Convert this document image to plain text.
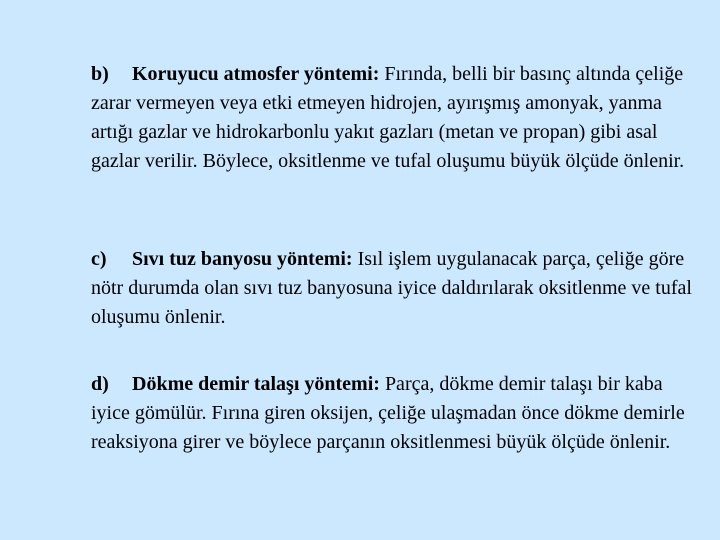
b) Koruyucu atmosfer yöntemi: Fırında, belli bir basınç altında çeliğe zarar vermeyen veya etki etmeyen hidrojen, ayırışmış amonyak, yanma artığı gazlar ve hidrokarbonlu yakıt gazları (metan ve propan) gibi asal gazlar verilir. Böylece, oksitlenme ve tufal oluşumu büyük ölçüde önlenir.

c) Sıvı tuz banyosu yöntemi: Isıl işlem uygulanacak parça, çeliğe göre nötr durumda olan sıvı tuz banyosuna iyice daldırılarak oksitlenme ve tufal oluşumu önlenir.

d) Dökme demir talaşı yöntemi: Parça, dökme demir talaşı bir kaba iyice gömülür. Fırına giren oksijen, çeliğe ulaşmadan önce dökme demirle reaksiyona girer ve böylece parçanın oksitlenmesi büyük ölçüde önlenir.
